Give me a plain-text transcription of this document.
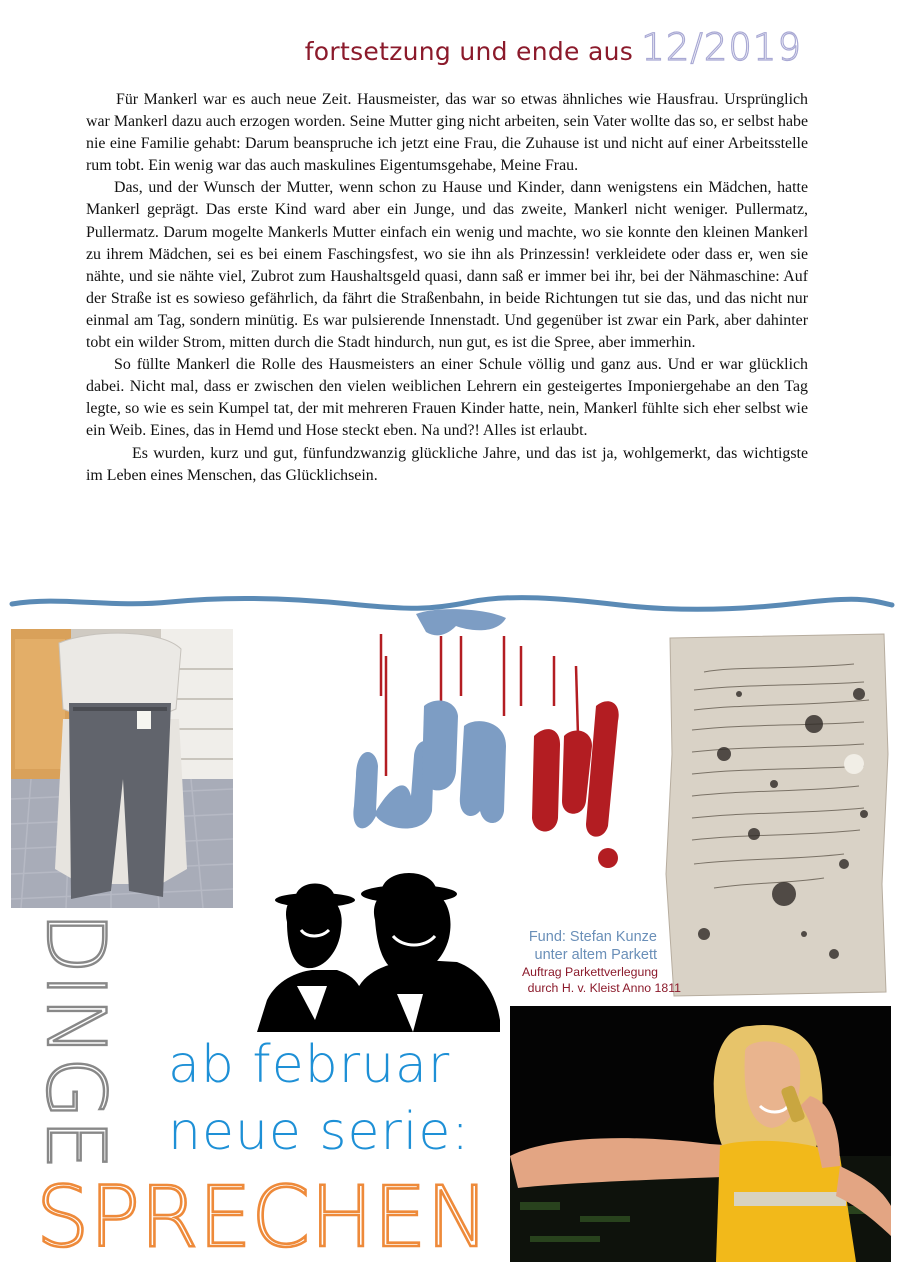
fortsetzung und ende aus 12/2019

Für Mankerl war es auch neue Zeit. Hausmeister, das war so etwas ähnliches wie Hausfrau. Ursprünglich war Mankerl dazu auch erzogen worden. Seine Mutter ging nicht arbeiten, sein Vater wollte das so, er selbst habe nie eine Familie gehabt: Darum beanspruche ich jetzt eine Frau, die Zuhause ist und nicht auf einer Arbeitsstelle rum tobt. Ein wenig war das auch maskulines Eigentumsgehabe, Meine Frau.

Das, und der Wunsch der Mutter, wenn schon zu Hause und Kinder, dann wenigstens ein Mädchen, hatte Mankerl geprägt. Das erste Kind ward aber ein Junge, und das zweite, Mankerl nicht weniger. Pullermatz, Pullermatz. Darum mogelte Mankerls Mutter einfach ein wenig und machte, wo sie konnte den kleinen Mankerl zu ihrem Mädchen, sei es bei einem Faschingsfest, wo sie ihn als Prinzessin! verkleidete oder dass er, wen sie nähte, und sie nähte viel, Zubrot zum Haushaltsgeld quasi, dann saß er immer bei ihr, bei der Nähmaschine: Auf der Straße ist es sowieso gefährlich, da fährt die Straßenbahn, in beide Richtungen tut sie das, und das nicht nur einmal am Tag, sondern minütig. Es war pulsierende Innenstadt. Und gegenüber ist zwar ein Park, aber dahinter tobt ein wilder Strom, mitten durch die Stadt hindurch, nun gut, es ist die Spree, aber immerhin.

So füllte Mankerl die Rolle des Hausmeisters an einer Schule völlig und ganz aus. Und er war glücklich dabei. Nicht mal, dass er zwischen den vielen weiblichen Lehrern ein gesteigertes Imponiergehabe an den Tag legte, so wie es sein Kumpel tat, der mit mehreren Frauen Kinder hatte, nein, Mankerl fühlte sich eher selbst wie ein Weib. Eines, das in Hemd und Hose steckt eben. Na und?! Alles ist erlaubt.

Es wurden, kurz und gut, fünfundzwanzig glückliche Jahre, und das ist ja, wohlgemerkt, das wichtigste im Leben eines Menschen, das Glücklichsein.

Fund: Stefan Kunze
unter altem Parkett
Auftrag Parkettverlegung
durch H. v. Kleist Anno 1811
DINGE ab februar
neue serie:
SPRECHEN
